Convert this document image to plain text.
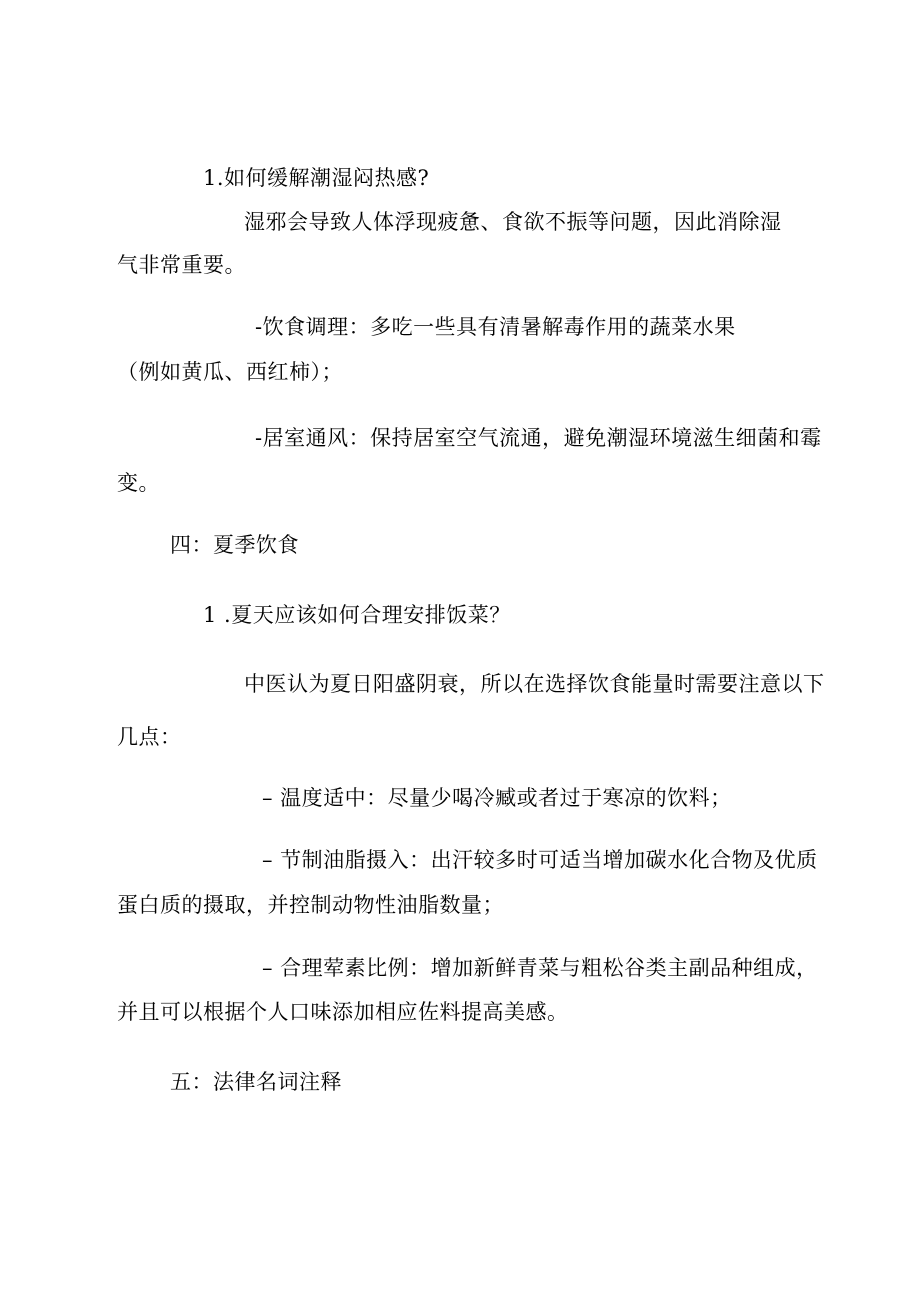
1.如何缓解潮湿闷热感?
湿邪会导致人体浮现疲惫、食欲不振等问题，因此消除湿
气非常重要。
-饮食调理：多吃一些具有清暑解毒作用的蔬菜水果
（例如黄瓜、西红柿）；
-居室通风：保持居室空气流通，避免潮湿环境滋生细菌和霉
变。
四：夏季饮食
1 .夏天应该如何合理安排饭菜？
中医认为夏日阳盛阴衰，所以在选择饮食能量时需要注意以下
几点：
– 温度适中：尽量少喝冷臧或者过于寒凉的饮料；
– 节制油脂摄入：出汗较多时可适当增加碳水化合物及优质
蛋白质的摄取，并控制动物性油脂数量；
– 合理荤素比例：增加新鲜青菜与粗松谷类主副品种组成，
并且可以根据个人口味添加相应佐料提高美感。
五：法律名词注释
